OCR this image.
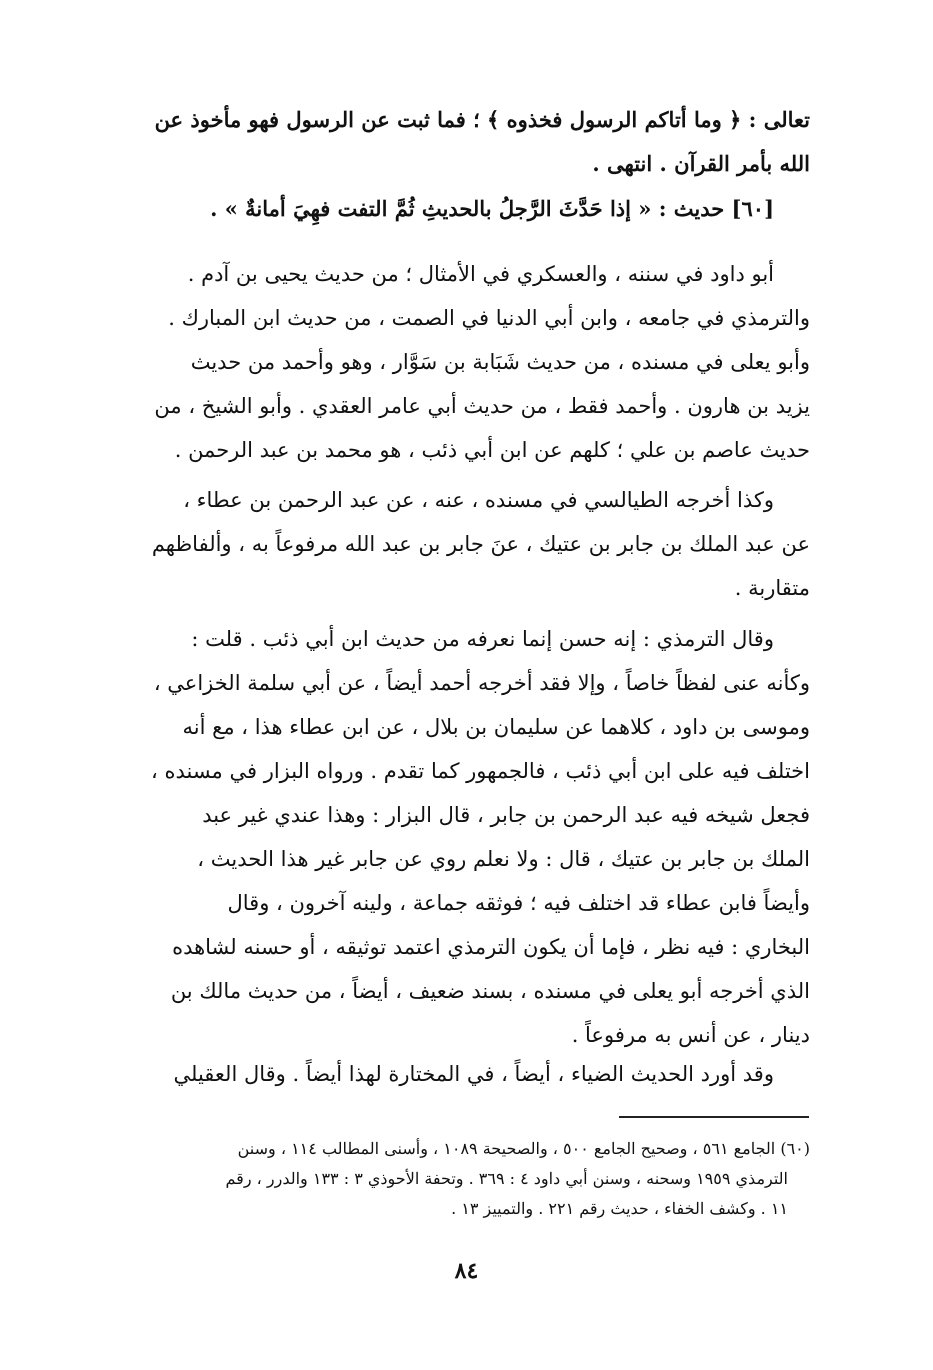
تعالى : ﴿ وما أتاكم الرسول فخذوه ﴾ ؛ فما ثبت عن الرسول فهو مأخوذ عن
الله بأمر القرآن . انتهى .
[٦٠] حديث : « إذا حَدَّثَ الرَّجلُ بالحديثِ ثُمَّ التفت فهِيَ أمانةٌ » .
أبو داود في سننه ، والعسكري في الأمثال ؛ من حديث يحيى بن آدم .
والترمذي في جامعه ، وابن أبي الدنيا في الصمت ، من حديث ابن المبارك .
وأبو يعلى في مسنده ، من حديث شَبَابة بن سَوَّار ، وهو وأحمد من حديث
يزيد بن هارون . وأحمد فقط ، من حديث أبي عامر العقدي . وأبو الشيخ ، من
حديث عاصم بن علي ؛ كلهم عن ابن أبي ذئب ، هو محمد بن عبد الرحمن .
وكذا أخرجه الطيالسي في مسنده ، عنه ، عن عبد الرحمن بن عطاء ،
عن عبد الملك بن جابر بن عتيك ، عنَ جابر بن عبد الله مرفوعاً به ، وألفاظهم
متقاربة .
وقال الترمذي : إنه حسن إنما نعرفه من حديث ابن أبي ذئب . قلت :
وكأنه عنى لفظاً خاصاً ، وإلا فقد أخرجه أحمد أيضاً ، عن أبي سلمة الخزاعي ،
وموسى بن داود ، كلاهما عن سليمان بن بلال ، عن ابن عطاء هذا ، مع أنه
اختلف فيه على ابن أبي ذئب ، فالجمهور كما تقدم . ورواه البزار في مسنده ،
فجعل شيخه فيه عبد الرحمن بن جابر ، قال البزار : وهذا عندي غير عبد
الملك بن جابر بن عتيك ، قال : ولا نعلم روي عن جابر غير هذا الحديث ،
وأيضاً فابن عطاء قد اختلف فيه ؛ فوثقه جماعة ، ولينه آخرون ، وقال
البخاري : فيه نظر ، فإما أن يكون الترمذي اعتمد توثيقه ، أو حسنه لشاهده
الذي أخرجه أبو يعلى في مسنده ، بسند ضعيف ، أيضاً ، من حديث مالك بن
دينار ، عن أنس به مرفوعاً .
وقد أورد الحديث الضياء ، أيضاً ، في المختارة لهذا أيضاً . وقال العقيلي
(٦٠) الجامع ٥٦١ ، وصحيح الجامع ٥٠٠ ، والصحيحة ١٠٨٩ ، وأسنى المطالب ١١٤ ، وسنن
الترمذي ١٩٥٩ وسحنه ، وسنن أبي داود ٤ : ٣٦٩ . وتحفة الأحوذي ٣ : ١٣٣ والدرر ، رقم
١١ . وكشف الخفاء ، حديث رقم ٢٢١ . والتمييز ١٣ .
٨٤
